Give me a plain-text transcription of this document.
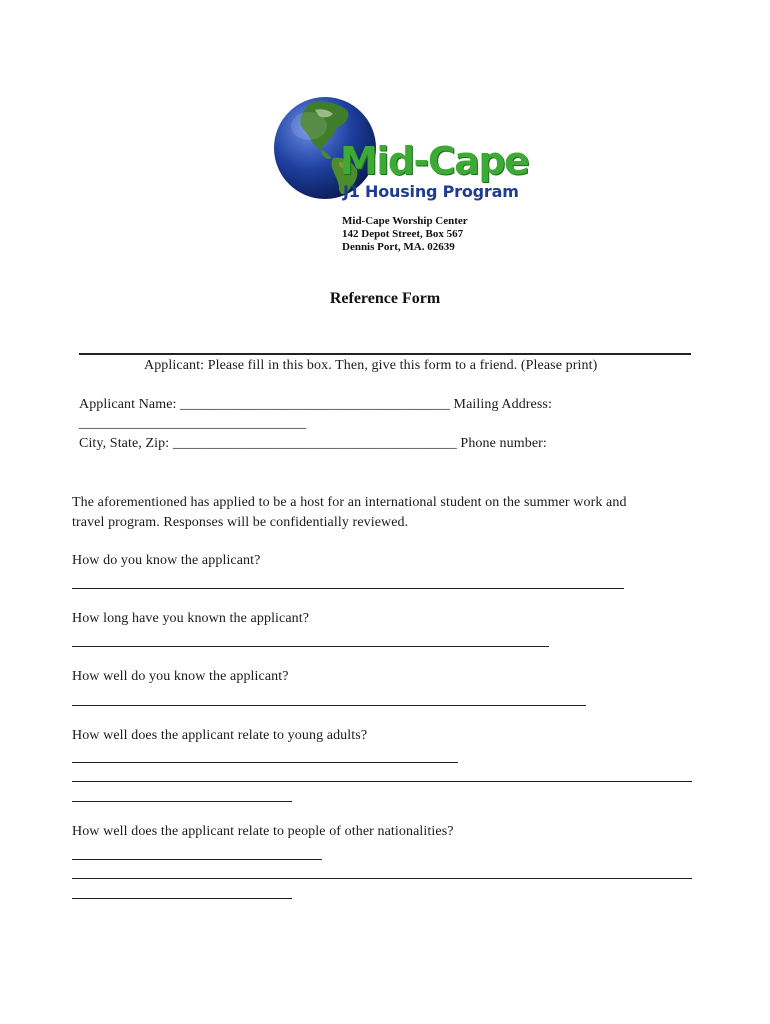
Mid-Cape
J1 Housing Program
Mid-Cape Worship Center
142 Depot Street, Box 567
Dennis Port, MA. 02639
Reference Form
Applicant: Please fill in this box. Then, give this form to a friend. (Please print)
Applicant Name: ______________________________________ Mailing Address:
________________________________
City, State, Zip: ________________________________________ Phone number:
The aforementioned has applied to be a host for an international student on the summer work and
travel program. Responses will be confidentially reviewed.
How do you know the applicant?
How long have you known the applicant?
How well do you know the applicant?
How well does the applicant relate to young adults?
How well does the applicant relate to people of other nationalities?
